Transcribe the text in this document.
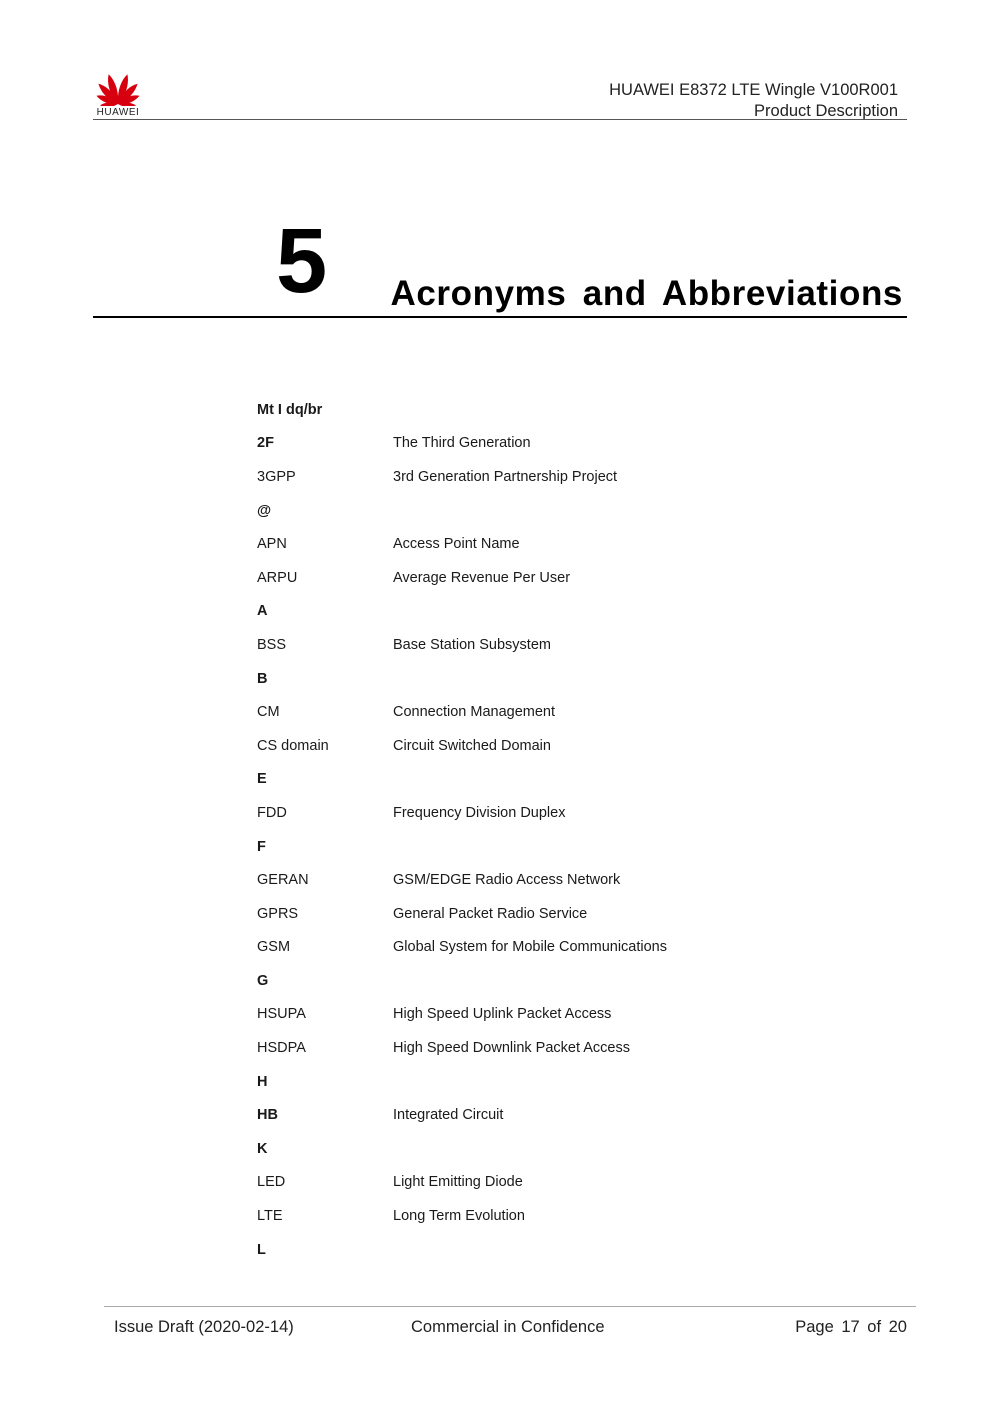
HUAWEI
HUAWEI E8372 LTE Wingle V100R001
Product Description
5 Acronyms and Abbreviations
Mt I dq/br
2F	The Third Generation
3GPP	3rd Generation Partnership Project
@
APN	Access Point Name
ARPU	Average Revenue Per User
A
BSS	Base Station Subsystem
B
CM	Connection Management
CS domain	Circuit Switched Domain
E
FDD	Frequency Division Duplex
F
GERAN	GSM/EDGE Radio Access Network
GPRS	General Packet Radio Service
GSM	Global System for Mobile Communications
G
HSUPA	High Speed Uplink Packet Access
HSDPA	High Speed Downlink Packet Access
H
HB	Integrated Circuit
K
LED	Light Emitting Diode
LTE	Long Term Evolution
L
Issue Draft (2020-02-14)	Commercial in Confidence	Page 17 of 20
